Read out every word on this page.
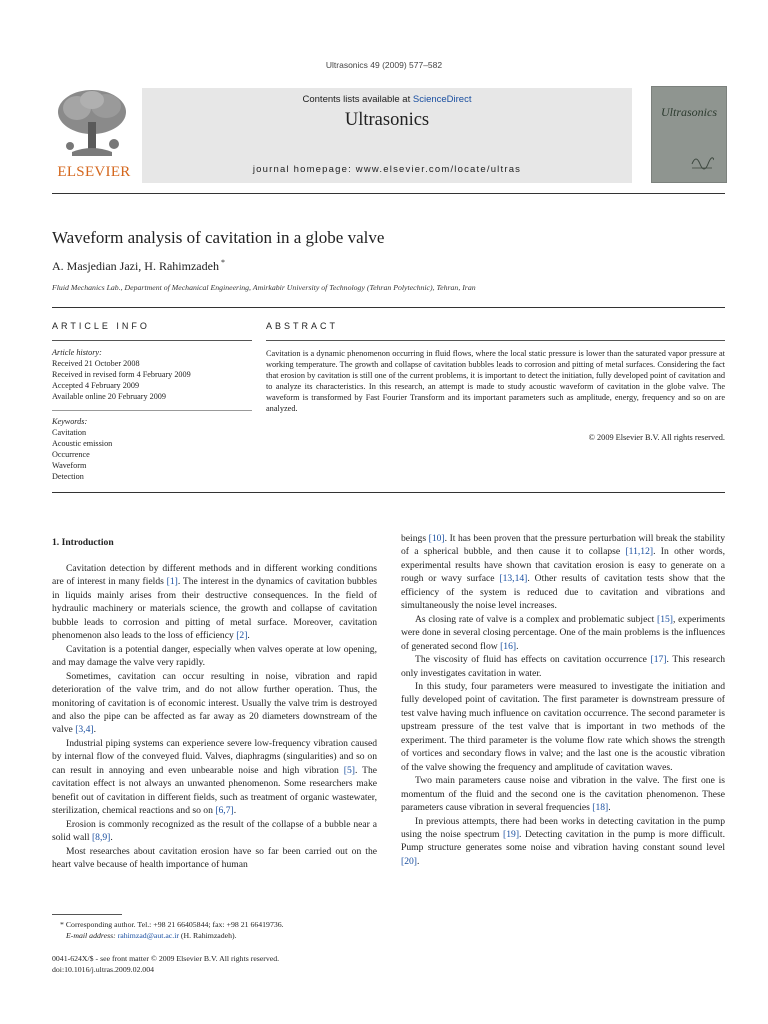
Ultrasonics 49 (2009) 577–582
ELSEVIER
Contents lists available at ScienceDirect
Ultrasonics
journal homepage: www.elsevier.com/locate/ultras
Ultrasonics
Waveform analysis of cavitation in a globe valve
A. Masjedian Jazi, H. Rahimzadeh *
Fluid Mechanics Lab., Department of Mechanical Engineering, Amirkabir University of Technology (Tehran Polytechnic), Tehran, Iran
ARTICLE INFO	ABSTRACT
Article history:
Received 21 October 2008
Received in revised form 4 February 2009
Accepted 4 February 2009
Available online 20 February 2009
Keywords:
Cavitation
Acoustic emission
Occurrence
Waveform
Detection
Cavitation is a dynamic phenomenon occurring in fluid flows, where the local static pressure is lower than the saturated vapor pressure at working temperature. The growth and collapse of cavitation bubbles leads to corrosion and pitting of metal surfaces. Considering the fact that erosion by cavitation is still one of the current problems, it is important to detect the initiation, fully developed point of cavitation and to analyze its characteristics. In this research, an attempt is made to study acoustic waveform of cavitation in the globe valve. The waveform is transformed by Fast Fourier Transform and its important parameters such as amplitude, energy, frequency and so on are analyzed.
© 2009 Elsevier B.V. All rights reserved.
1. Introduction

Cavitation detection by different methods and in different working conditions are of interest in many fields [1]. The interest in the dynamics of cavitation bubbles in liquids mainly arises from their destructive consequences. In the field of hydraulic machinery or materials science, the growth and collapse of cavitation bubble leads to corrosion and pitting of metal surface. Moreover, cavitation phenomenon also leads to the loss of efficiency [2].

Cavitation is a potential danger, especially when valves operate at low opening, and may damage the valve very rapidly.

Sometimes, cavitation can occur resulting in noise, vibration and rapid deterioration of the valve trim, and do not allow further operation. Thus, the monitoring of cavitation is of economic interest. Usually the valve trim is destroyed and also the pipe can be affected as far away as 20 diameters downstream of the valve [3,4].

Industrial piping systems can experience severe low-frequency vibration caused by internal flow of the conveyed fluid. Valves, diaphragms (singularities) and so on can result in annoying and even unbearable noise and high vibration [5]. The cavitation effect is not always an unwanted phenomenon. Some researchers make benefit out of cavitation in different fields, such as treatment of organic wastewater, sterilization, chemical reactions and so on [6,7].

Erosion is commonly recognized as the result of the collapse of a bubble near a solid wall [8,9].

Most researches about cavitation erosion have so far been carried out on the heart valve because of health importance of human

beings [10]. It has been proven that the pressure perturbation will break the stability of a spherical bubble, and then cause it to collapse [11,12]. In other words, experimental results have shown that cavitation erosion is easy to generate on a rough or wavy surface [13,14]. Other results of cavitation tests show that the efficiency of the system is reduced due to cavitation and vibrations and simultaneously the noise level increases.

As closing rate of valve is a complex and problematic subject [15], experiments were done in several closing percentage. One of the main problems is the influences of generated second flow [16].

The viscosity of fluid has effects on cavitation occurrence [17]. This research only investigates cavitation in water.

In this study, four parameters were measured to investigate the initiation and fully developed point of cavitation. The first parameter is downstream pressure of test valve having much influence on cavitation occurrence. The second parameter is upstream pressure of the test valve that is important in two methods of the experiment. The third parameter is the volume flow rate which shows the strength of vortices and secondary flows in valve; and the last one is the acoustic vibration of the valve showing the frequency and amplitude of cavitation waves.

Two main parameters cause noise and vibration in the valve. The first one is momentum of the fluid and the second one is the cavitation phenomenon. These parameters cause vibration in several frequencies [18].

In previous attempts, there had been works in detecting cavitation in the pump using the noise spectrum [19]. Detecting cavitation in the pump is more difficult. Pump structure generates some noise and vibration having constant sound level [20].

* Corresponding author. Tel.: +98 21 66405844; fax: +98 21 66419736.
E-mail address: rahimzad@aut.ac.ir (H. Rahimzadeh).
0041-624X/$ - see front matter © 2009 Elsevier B.V. All rights reserved.
doi:10.1016/j.ultras.2009.02.004
